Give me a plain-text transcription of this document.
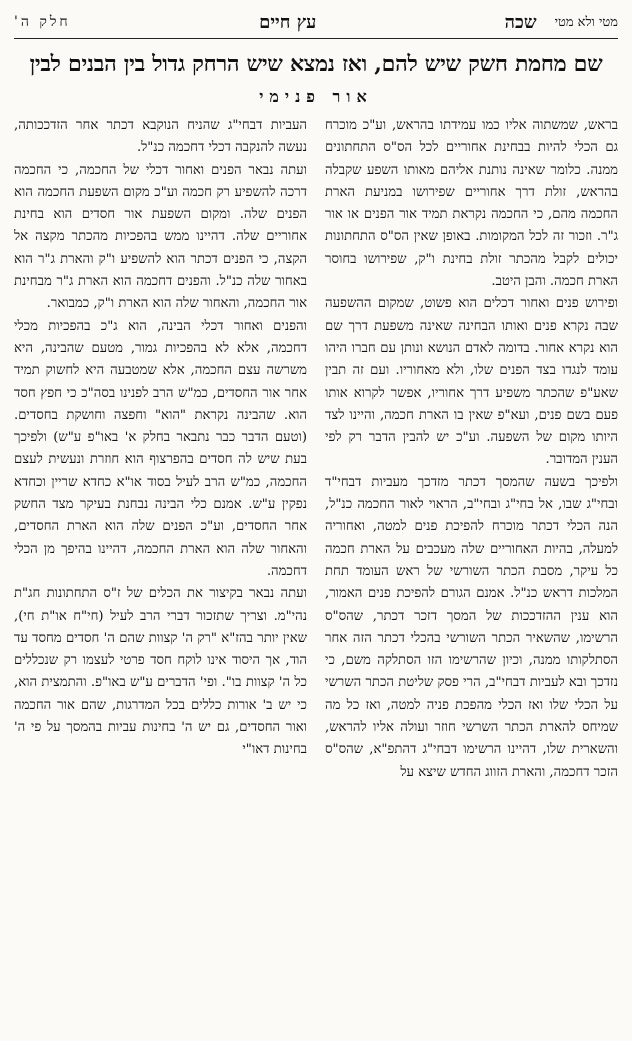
חלק ה'	עץ חיים	מטי ולא מטי
שכה
שם מחמת חשק שיש להם, ואז נמצא שיש הרחק גדול בין הבנים לבין
אור פנימי

בראש, שמשתוה אליו כמו עמידתו בהראש, וע"כ מוכרח גם הכלי להיות בבחינת אחוריים לכל הס"ס התחתונים ממנה. כלומר שאינה נותנת אליהם מאותו השפע שקבלה בהראש, זולת דרך אחוריים שפירושו במניעת הארת החכמה מהם, כי החכמה נקראת תמיד אור הפנים או אור ג"ר. וזכור זה לכל המקומות. באופן שאין הס"ס התחתונות יכולים לקבל מהכתר זולת בחינת ו"ק, שפירושו בחוסר הארת חכמה. והבן היטב.

ופירוש פנים ואחור דכלים הוא פשוט, שמקום ההשפעה שבה נקרא פנים ואותו הבחינה שאינה משפעת דרך שם הוא נקרא אחור. בדומה לאדם הנושא ונותן עם חברו היהו עומד לנגדו בצד הפנים שלו, ולא מאחוריו. ועם זה תבין שאע"פ שהכתר משפיע דרך אחוריו, אפשר לקרוא אותו פעם בשם פנים, ועא"פ שאין בו הארת חכמה, והיינו לצד היותו מקום של השפעה. וע"כ יש להבין הדבר רק לפי הענין המדובר.

ולפיכך בשעה שהמסך דכתר מזדכך מעביות דבחי"ד ובחי"ג שבו, אל בחי"ג ובחי"ב, הראוי לאור החכמה כנ"ל, הנה הכלי דכתר מוכרח להפיכת פנים למטה, ואחוריה למעלה, בהיות האחוריים שלה מעכבים על הארת חכמה כל עיקר, מסבת הכתר השורשי של ראש העומד תחת המלכות דראש כנ"ל. אמנם הגורם להפיכת פנים האמור, הוא ענין ההזדככות של המסך דזכר דכתר, שהס"ס הרשימו, שהשאיר הכתר השורשי בהכלי דכתר הזה אחר הסתלקותו ממנה, וכיון שהרשימו הזו הסתלקה משם, כי נזדכך ובא לעביות דבחי"ב, הרי פסק שליטת הכתר השרשי על הכלי שלו ואז הכלי מהפכת פניה למטה, ואז כל מה שמיחס להארת הכתר השרשי חוזר ועולה אליו להראש, והשארית שלו, דהיינו הרשימו דבחי"ג דהתפ"א, שהס"ס הזכר דחכמה, והארת הזווג החדש שיצא על

העביות דבחי"ג שהניח הנוקבא דכתר אחר הזדככותה, נעשה להנקבה דכלי דחכמה כנ"ל.

ועתה נבאר הפנים ואחור דכלי של החכמה, כי החכמה דרכה להשפיע רק חכמה וע"כ מקום השפעת החכמה הוא הפנים שלה. ומקום השפעת אור חסדים הוא בחינת אחוריים שלה. דהיינו ממש בהפכיות מהכתר מקצה אל הקצה, כי הפנים דכתר הוא להשפיע ו"ק והארת ג"ר הוא באחור שלה כנ"ל. והפנים דחכמה הוא הארת ג"ר מבחינת אור החכמה, והאחור שלה הוא הארת ו"ק, כמבואר.

והפנים ואחור דכלי הבינה, הוא ג"כ בהפכיות מכלי דחכמה, אלא לא בהפכיות גמור, מטעם שהבינה, היא משרשה עצם החכמה, אלא שמטבעה היא לחשוק תמיד אחר אור החסדים, כמ"ש הרב לפנינו בסה"כ כי חפץ חסד הוא. שהבינה נקראת "הוא" וחפצה וחושקת בחסדים. (וטעם הדבר כבר נתבאר בחלק א' באו"פ ע"ש) ולפיכך בעת שיש לה חסדים בהפרצוף הוא חוזרת ונעשית לעצם החכמה, כמ"ש הרב לעיל בסוד או"א כחדא שריין וכחדא נפקין ע"ש. אמנם כלי הבינה נבחנת בעיקר מצד החשק אחר החסדים, וע"כ הפנים שלה הוא הארת החסדים, והאחור שלה הוא הארת החכמה, דהיינו בהיפך מן הכלי דחכמה.

ועתה נבאר בקיצור את הכלים של ז"ס התחתונות חג"ת נהי"מ. וצריך שתזכור דברי הרב לעיל (חי"ח או"ת חי), שאין יותר בהז"א "רק ה' קצוות שהם ה' חסדים מחסד עד הוד, אך היסוד אינו לוקח חסד פרטי לעצמו רק שנכללים כל ה' קצוות בו". ופי' הדברים ע"ש באו"פ. והתמצית הוא, כי יש ב' אורות כללים בכל המדרגות, שהם אור החכמה ואור החסדים, גם יש ה' בחינות עביות בהמסך על פי ה' בחינות דאו"י
